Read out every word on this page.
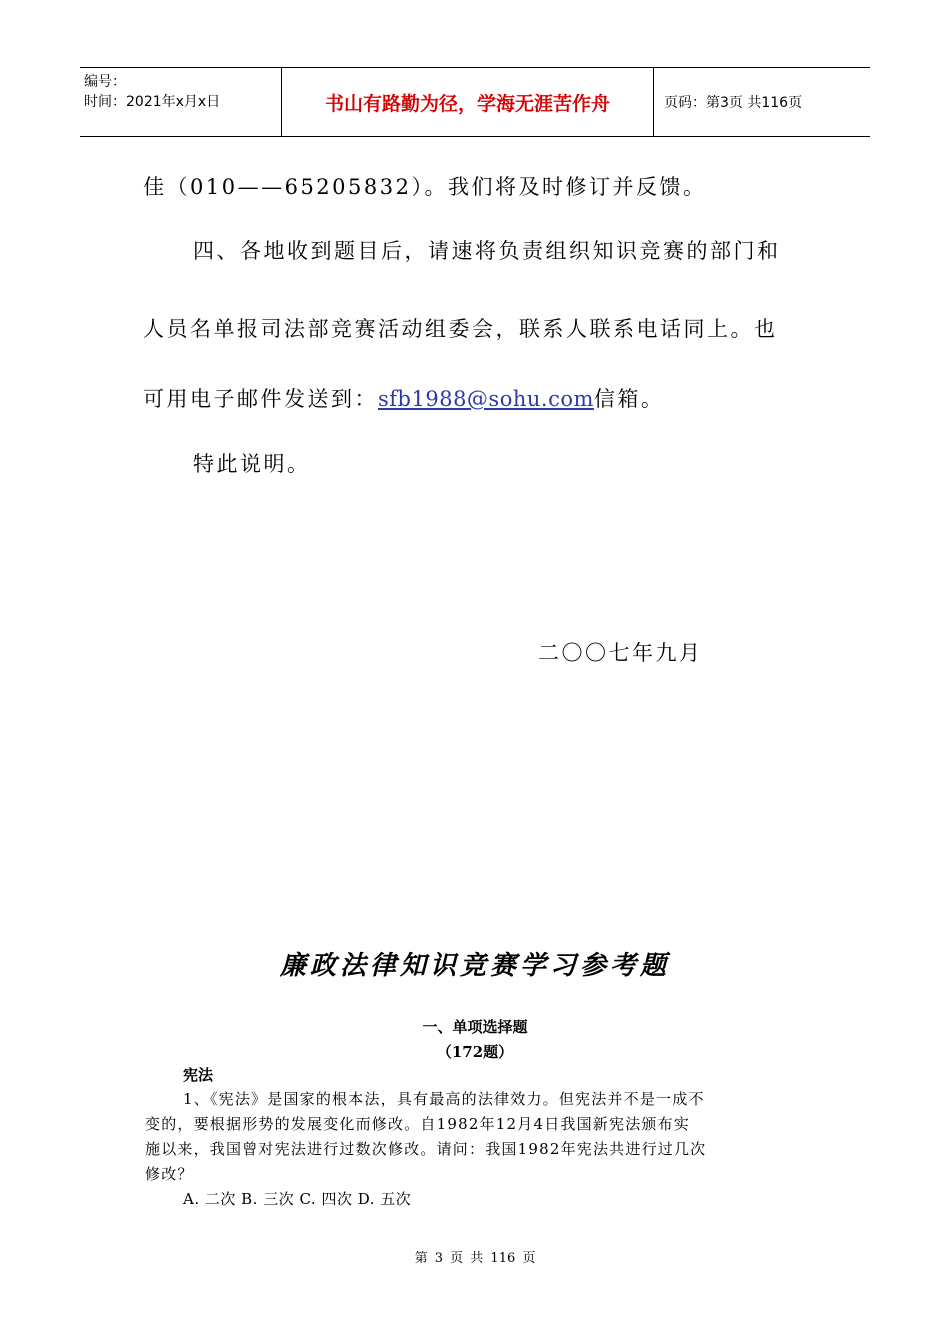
编号：
时间：2021年x月x日	书山有路勤为径，学海无涯苦作舟	页码：第3页 共116页
佳（010——65205832）。我们将及时修订并反馈。
四、各地收到题目后，请速将负责组织知识竞赛的部门和
人员名单报司法部竞赛活动组委会，联系人联系电话同上。也
可用电子邮件发送到：sfb1988@sohu.com信箱。
特此说明。
二〇〇七年九月
廉政法律知识竞赛学习参考题
一、单项选择题
（172题）
宪法
1、《宪法》是国家的根本法，具有最高的法律效力。但宪法并不是一成不
变的，要根据形势的发展变化而修改。自1982年12月4日我国新宪法颁布实
施以来，我国曾对宪法进行过数次修改。请问：我国1982年宪法共进行过几次
修改？
A. 二次 B. 三次 C. 四次 D. 五次
第 3 页 共 116 页
